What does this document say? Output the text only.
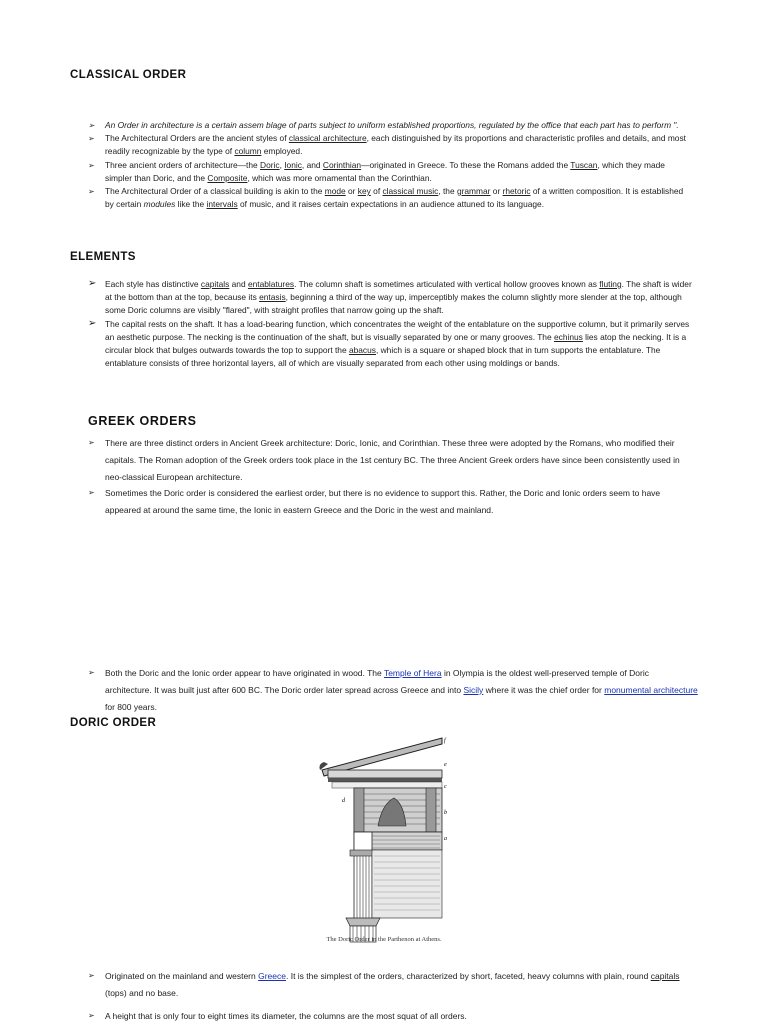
CLASSICAL ORDER
➢ An Order in architecture is a certain assem blage of parts subject to uniform established proportions, regulated by the office that each part has to perform ".
➢ The Architectural Orders are the ancient styles of classical architecture, each distinguished by its proportions and characteristic profiles and details, and most readily recognizable by the type of column employed.
➢ Three ancient orders of architecture—the Doric, Ionic, and Corinthian—originated in Greece. To these the Romans added the Tuscan, which they made simpler than Doric, and the Composite, which was more ornamental than the Corinthian.
➢ The Architectural Order of a classical building is akin to the mode or key of classical music, the grammar or rhetoric of a written composition. It is established by certain modules like the intervals of music, and it raises certain expectations in an audience attuned to its language.
ELEMENTS
➢ Each style has distinctive capitals and entablatures. The column shaft is sometimes articulated with vertical hollow grooves known as fluting. The shaft is wider at the bottom than at the top, because its entasis, beginning a third of the way up, imperceptibly makes the column slightly more slender at the top, although some Doric columns are visibly "flared", with straight profiles that narrow going up the shaft.
➢ The capital rests on the shaft. It has a load-bearing function, which concentrates the weight of the entablature on the supportive column, but it primarily serves an aesthetic purpose. The necking is the continuation of the shaft, but is visually separated by one or many grooves. The echinus lies atop the necking. It is a circular block that bulges outwards towards the top to support the abacus, which is a square or shaped block that in turn supports the entablature. The entablature consists of three horizontal layers, all of which are visually separated from each other using moldings or bands.
GREEK ORDERS
➢ There are three distinct orders in Ancient Greek architecture: Doric, Ionic, and Corinthian. These three were adopted by the Romans, who modified their capitals. The Roman adoption of the Greek orders took place in the 1st century BC. The three Ancient Greek orders have since been consistently used in neo-classical European architecture.
➢ Sometimes the Doric order is considered the earliest order, but there is no evidence to support this. Rather, the Doric and Ionic orders seem to have appeared at around the same time, the Ionic in eastern Greece and the Doric in the west and mainland.
➢ Both the Doric and the Ionic order appear to have originated in wood. The Temple of Hera in Olympia is the oldest well-preserved temple of Doric architecture. It was built just after 600 BC. The Doric order later spread across Greece and into Sicily where it was the chief order for monumental architecture for 800 years.
DORIC ORDER
f
e
c
b
a
d
The Doric Order in the Parthenon at Athens.
➢ Originated on the mainland and western Greece. It is the simplest of the orders, characterized by short, faceted, heavy columns with plain, round capitals (tops) and no base.
➢ A height that is only four to eight times its diameter, the columns are the most squat of all orders.
